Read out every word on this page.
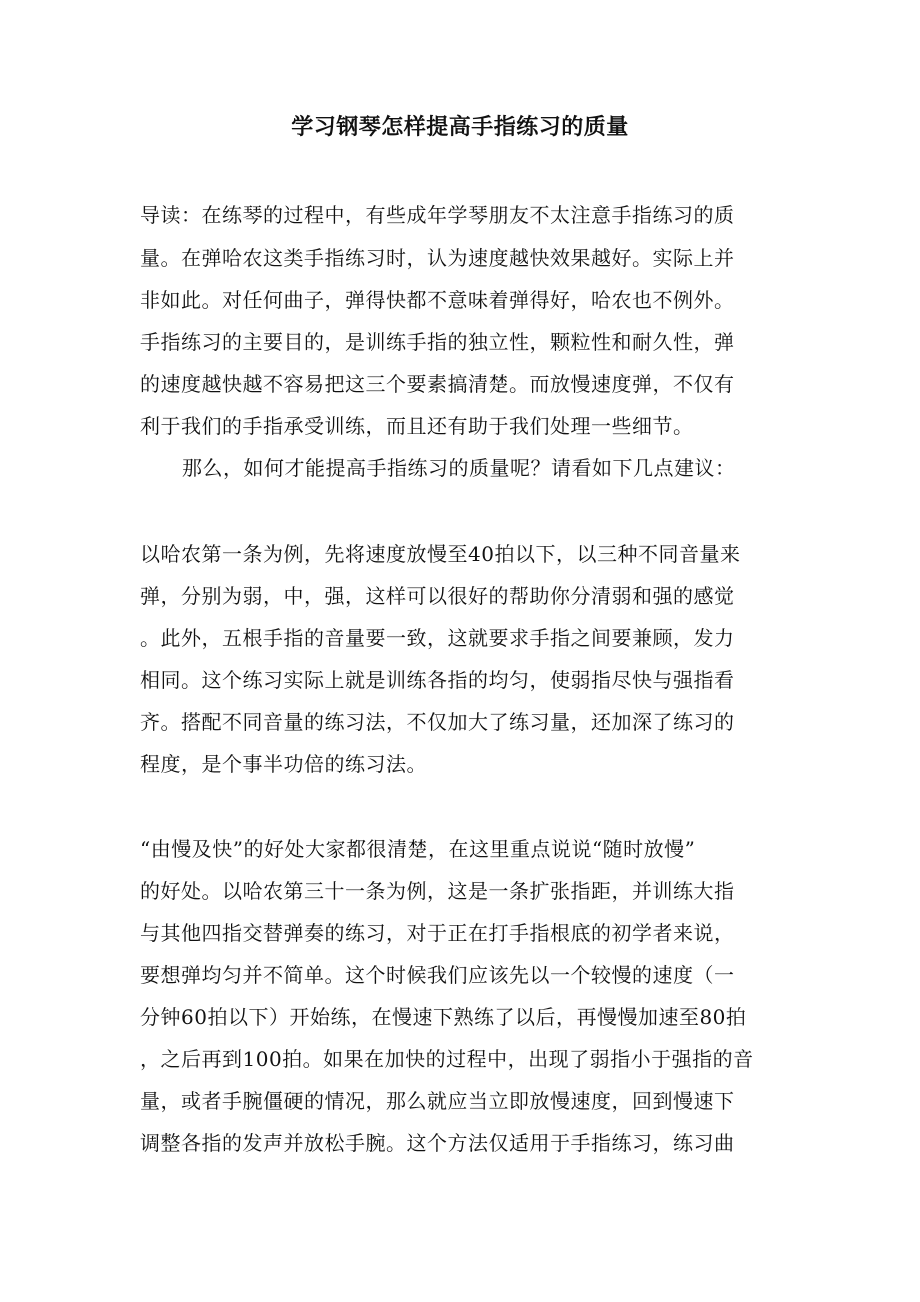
学习钢琴怎样提高手指练习的质量
导读：在练琴的过程中，有些成年学琴朋友不太注意手指练习的质
量。在弹哈农这类手指练习时，认为速度越快效果越好。实际上并
非如此。对任何曲子，弹得快都不意味着弹得好，哈农也不例外。
手指练习的主要目的，是训练手指的独立性，颗粒性和耐久性，弹
的速度越快越不容易把这三个要素搞清楚。而放慢速度弹，不仅有
利于我们的手指承受训练，而且还有助于我们处理一些细节。
那么，如何才能提高手指练习的质量呢？请看如下几点建议：
以哈农第一条为例，先将速度放慢至40拍以下，以三种不同音量来
弹，分别为弱，中，强，这样可以很好的帮助你分清弱和强的感觉
。此外，五根手指的音量要一致，这就要求手指之间要兼顾，发力
相同。这个练习实际上就是训练各指的均匀，使弱指尽快与强指看
齐。搭配不同音量的练习法，不仅加大了练习量，还加深了练习的
程度，是个事半功倍的练习法。
“由慢及快”的好处大家都很清楚，在这里重点说说“随时放慢”
的好处。以哈农第三十一条为例，这是一条扩张指距，并训练大指
与其他四指交替弹奏的练习，对于正在打手指根底的初学者来说，
要想弹均匀并不简单。这个时候我们应该先以一个较慢的速度（一
分钟60拍以下）开始练，在慢速下熟练了以后，再慢慢加速至80拍
，之后再到100拍。如果在加快的过程中，出现了弱指小于强指的音
量，或者手腕僵硬的情况，那么就应当立即放慢速度，回到慢速下
调整各指的发声并放松手腕。这个方法仅适用于手指练习，练习曲
